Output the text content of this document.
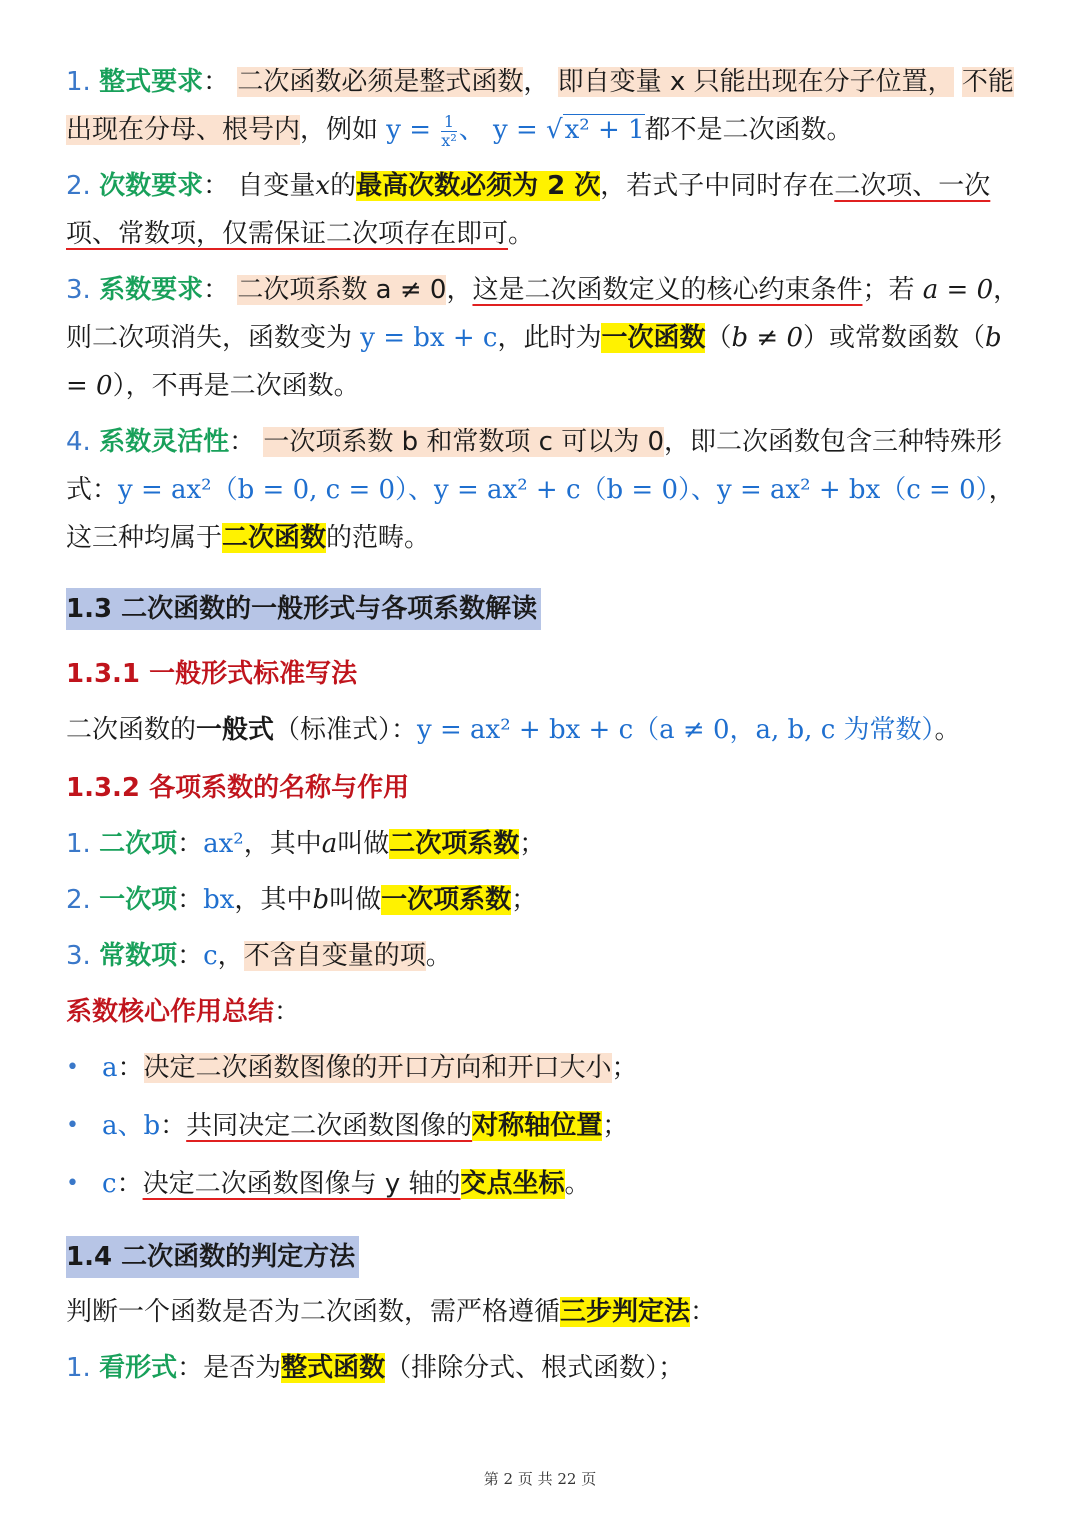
1. 整式要求： 二次函数必须是整式函数， 即自变量 x 只能出现在分子位置， 不能出现在分母、根号内，例如 $y = \frac{1}{\text{x²}}$ 、 y = √x² + 1都不是二次函数。

2. 次数要求： 自变量x的最高次数必须为 2 次，若式子中同时存在二次项、一次项、常数项，仅需保证二次项存在即可。

3. 系数要求： 二次项系数 a ≠ 0，这是二次函数定义的核心约束条件；若 a = 0，则二次项消失，函数变为 y = bx + c，此时为一次函数（b ≠ 0）或常数函数（b = 0），不再是二次函数。

4. 系数灵活性： 一次项系数 b 和常数项 c 可以为 0，即二次函数包含三种特殊形式：y = ax²（b = 0, c = 0）、y = ax² + c（b = 0）、y = ax² + bx（c = 0），这三种均属于二次函数的范畴。

1.3 二次函数的一般形式与各项系数解读
1.3.1 一般形式标准写法

二次函数的一般式（标准式）：y = ax² + bx + c（a ≠ 0，a, b, c 为常数）。

1.3.2 各项系数的名称与作用

1. 二次项：ax²，其中a叫做二次项系数；

2. 一次项：bx，其中b叫做一次项系数；

3. 常数项：c，不含自变量的项。

系数核心作用总结：

• a：决定二次函数图像的开口方向和开口大小；
• a、b：共同决定二次函数图像的对称轴位置；
• c：决定二次函数图像与 y 轴的交点坐标。
1.4 二次函数的判定方法

判断一个函数是否为二次函数，需严格遵循三步判定法：

1. 看形式：是否为整式函数（排除分式、根式函数）；

第 2 页 共 22 页
